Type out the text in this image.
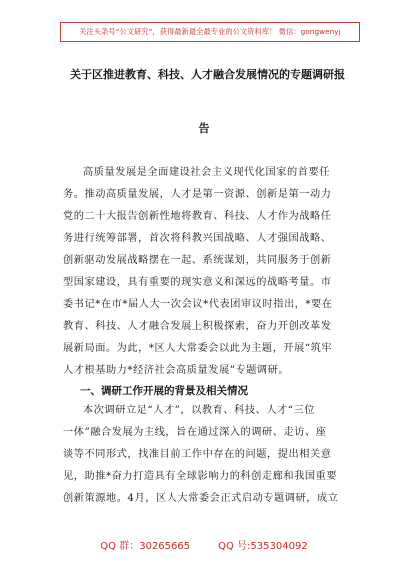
关注头条号“公文研究”，获得最新最全最专业的公文资料库！ 微信：gongwenyj
关于区推进教育、科技、人才融合发展情况的专题调研报
告
高质量发展是全面建设社会主义现代化国家的首要任
务。推动高质量发展，人才是第一资源、创新是第一动力
党的二十大报告创新性地将教育、科技、人才作为战略任
务进行统筹部署，首次将科教兴国战略、人才强国战略、
创新驱动发展战略摆在一起、系统谋划，共同服务于创新
型国家建设，具有重要的现实意义和深远的战略考量。市
委书记*在市*届人大一次会议*代表团审议时指出，*要在
教育、科技、人才融合发展上积极探索，奋力开创改革发
展新局面。为此，*区人大常委会以此为主题，开展“筑牢
人才根基助力*经济社会高质量发展”专题调研。
一、调研工作开展的背景及相关情况
本次调研立足“人才”，以教育、科技、人才“三位
一体”融合发展为主线，旨在通过深入的调研、走访、座
谈等不同形式，找准目前工作中存在的问题，提出相关意
见，助推*奋力打造具有全球影响力的科创走廊和我国重要
创新策源地。4月，区人大常委会正式启动专题调研，成立
QQ 群：30265665	QQ 号:535304092
